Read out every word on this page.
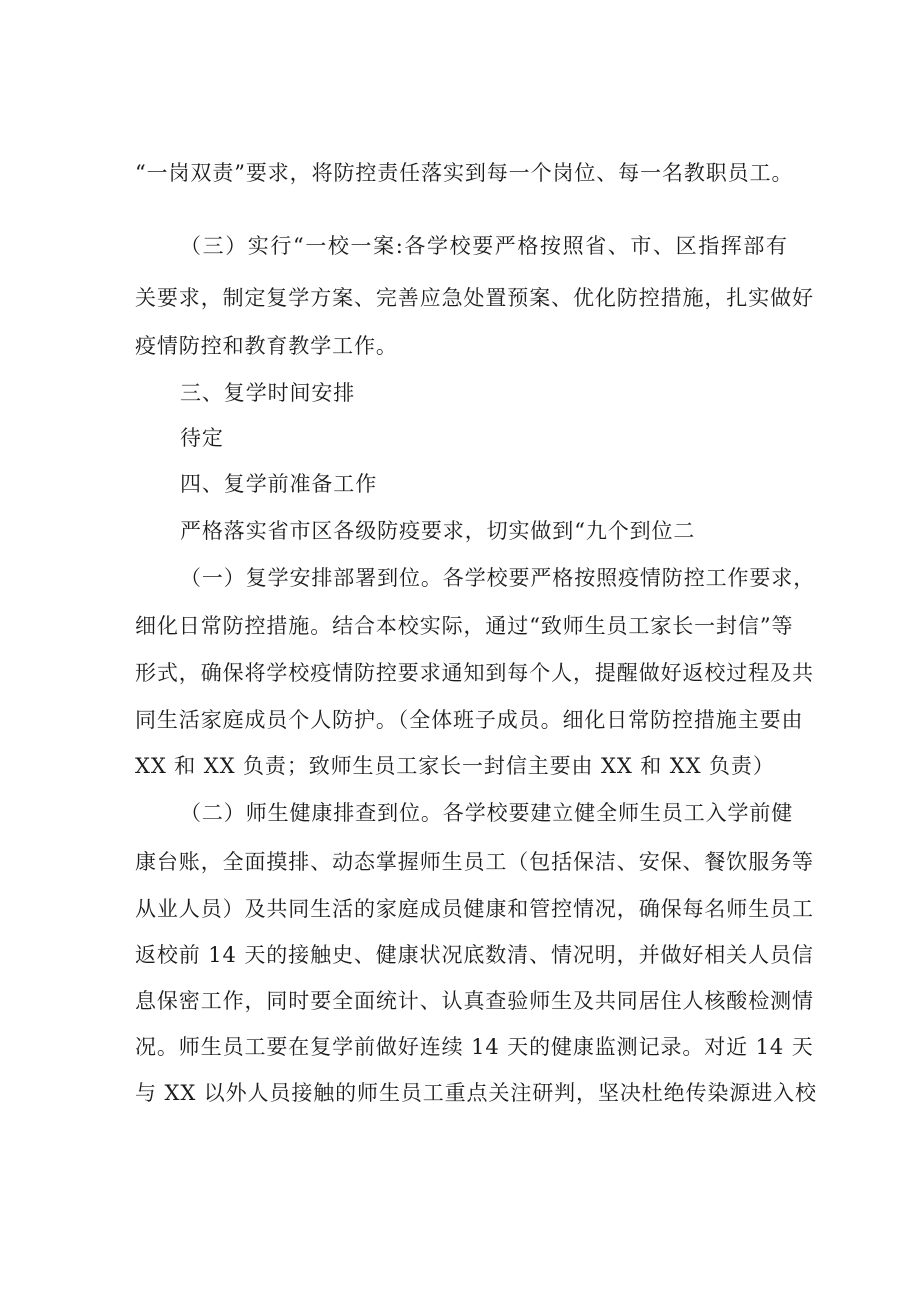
“一岗双责”要求，将防控责任落实到每一个岗位、每一名教职员工。
（三）实行“一校一案:各学校要严格按照省、市、区指挥部有
关要求，制定复学方案、完善应急处置预案、优化防控措施，扎实做好
疫情防控和教育教学工作。
三、复学时间安排
待定
四、复学前准备工作
严格落实省市区各级防疫要求，切实做到“九个到位二
（一）复学安排部署到位。各学校要严格按照疫情防控工作要求，
细化日常防控措施。结合本校实际，通过“致师生员工家长一封信”等
形式，确保将学校疫情防控要求通知到每个人，提醒做好返校过程及共
同生活家庭成员个人防护。（全体班子成员。细化日常防控措施主要由
XX 和 XX 负责；致师生员工家长一封信主要由 XX 和 XX 负责）
（二）师生健康排查到位。各学校要建立健全师生员工入学前健
康台账，全面摸排、动态掌握师生员工（包括保洁、安保、餐饮服务等
从业人员）及共同生活的家庭成员健康和管控情况，确保每名师生员工
返校前 14 天的接触史、健康状况底数清、情况明，并做好相关人员信
息保密工作，同时要全面统计、认真查验师生及共同居住人核酸检测情
况。师生员工要在复学前做好连续 14 天的健康监测记录。对近 14 天
与 XX 以外人员接触的师生员工重点关注研判，坚决杜绝传染源进入校
